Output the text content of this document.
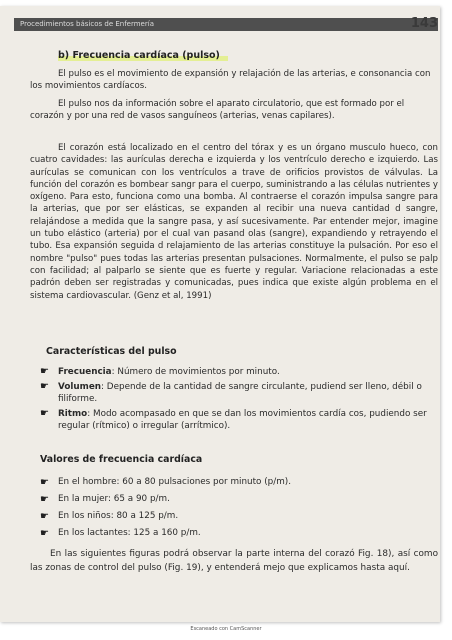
Procedimientos básicos de Enfermería	143
b) Frecuencia cardíaca (pulso)

El pulso es el movimiento de expansión y relajación de las arterias, e consonancia con los movimientos cardíacos.

El pulso nos da información sobre el aparato circulatorio, que est formado por el corazón y por una red de vasos sanguíneos (arterias, venas capilares).

El corazón está localizado en el centro del tórax y es un órgano musculo hueco, con cuatro cavidades: las aurículas derecha e izquierda y los ventrículo derecho e izquierdo. Las aurículas se comunican con los ventrículos a trave de orificios provistos de válvulas. La función del corazón es bombear sangr para el cuerpo, suministrando a las células nutrientes y oxígeno. Para esto, funciona como una bomba. Al contraerse el corazón impulsa sangre para la arterias, que por ser elásticas, se expanden al recibir una nueva cantidad d sangre, relajándose a medida que la sangre pasa, y así sucesivamente. Par entender mejor, imagine un tubo elástico (arteria) por el cual van pasand olas (sangre), expandiendo y retrayendo el tubo. Esa expansión seguida d relajamiento de las arterias constituye la pulsación. Por eso el nombre "pulso" pues todas las arterias presentan pulsaciones. Normalmente, el pulso se palp con facilidad; al palparlo se siente que es fuerte y regular. Variacione relacionadas a este padrón deben ser registradas y comunicadas, pues indica que existe algún problema en el sistema cardiovascular. (Genz et al, 1991)

Características del pulso
☛ Frecuencia: Número de movimientos por minuto.
☛ Volumen: Depende de la cantidad de sangre circulante, pudiend ser lleno, débil o filiforme.
☛ Ritmo: Modo acompasado en que se dan los movimientos cardía cos, pudiendo ser regular (rítmico) o irregular (arrítmico).
Valores de frecuencia cardíaca
☛ En el hombre: 60 a 80 pulsaciones por minuto (p/m).
☛ En la mujer: 65 a 90 p/m.
☛ En los niños: 80 a 125 p/m.
☛ En los lactantes: 125 a 160 p/m.

En las siguientes figuras podrá observar la parte interna del corazó Fig. 18), así como las zonas de control del pulso (Fig. 19), y entenderá mejo que explicamos hasta aquí.

Escaneado con CamScanner
